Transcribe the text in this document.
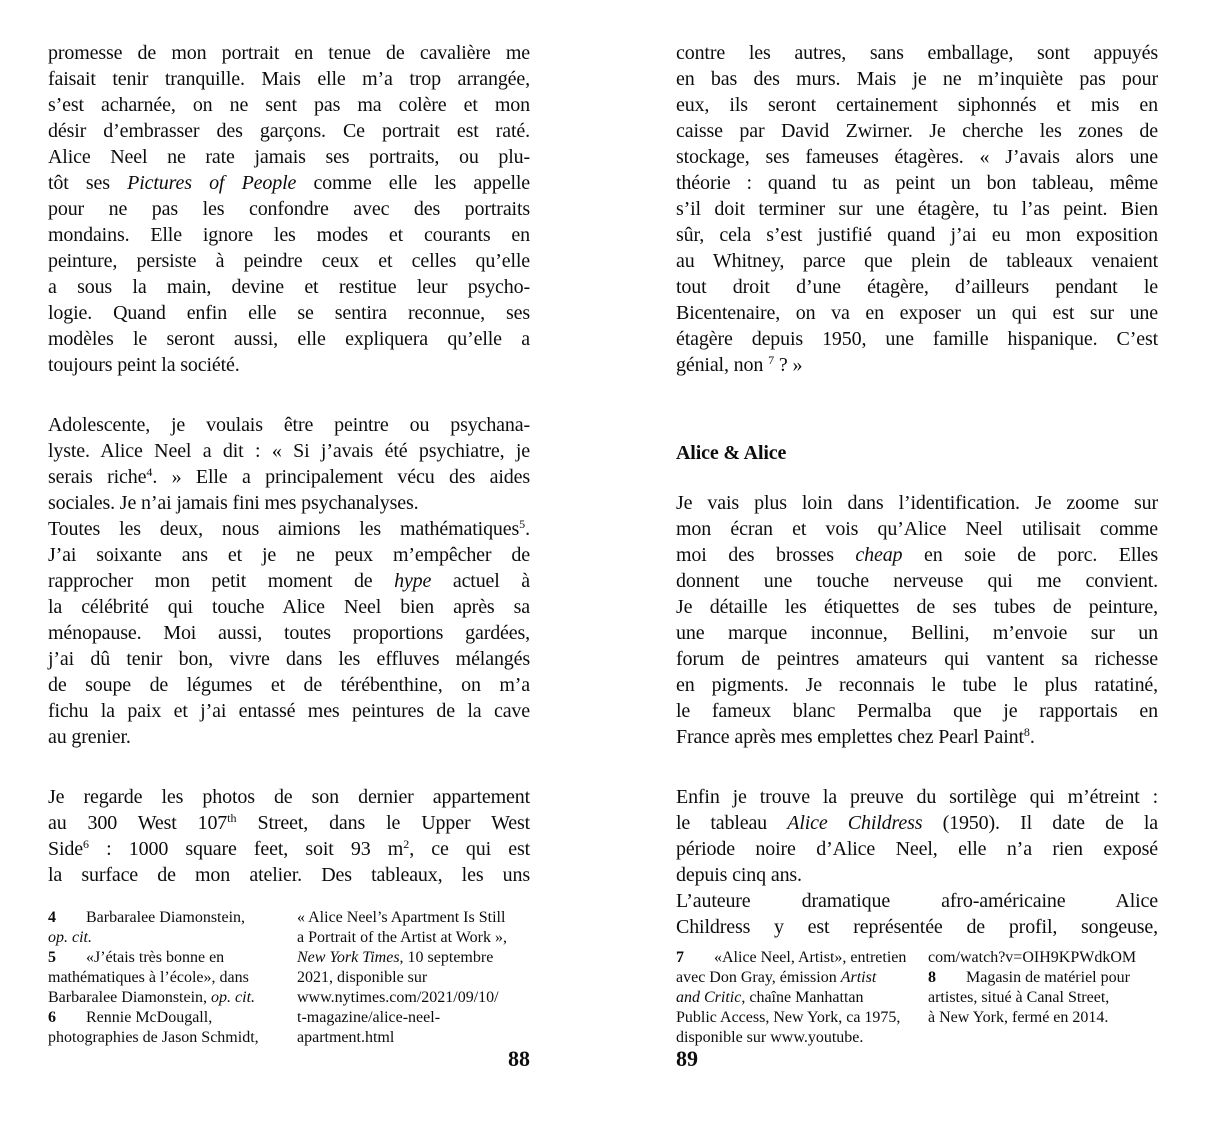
promesse de mon portrait en tenue de cavalière me
faisait tenir tranquille. Mais elle m’a trop arrangée,
s’est acharnée, on ne sent pas ma colère et mon
désir d’embrasser des garçons. Ce portrait est raté.
Alice Neel ne rate jamais ses portraits, ou plu-
tôt ses Pictures of People comme elle les appelle
pour ne pas les confondre avec des portraits
mondains. Elle ignore les modes et courants en
peinture, persiste à peindre ceux et celles qu’elle
a sous la main, devine et restitue leur psycho-
logie. Quand enfin elle se sentira reconnue, ses
modèles le seront aussi, elle expliquera qu’elle a
toujours peint la société.
Adolescente, je voulais être peintre ou psychana-
lyste. Alice Neel a dit : « Si j’avais été psychiatre, je
serais riche$^4$. » Elle a principalement vécu des aides
sociales. Je n’ai jamais fini mes psychanalyses.
Toutes les deux, nous aimions les mathématiques$^5$.
J’ai soixante ans et je ne peux m’empêcher de
rapprocher mon petit moment de hype actuel à
la célébrité qui touche Alice Neel bien après sa
ménopause. Moi aussi, toutes proportions gardées,
j’ai dû tenir bon, vivre dans les effluves mélangés
de soupe de légumes et de térébenthine, on m’a
fichu la paix et j’ai entassé mes peintures de la cave
au grenier.
Je regarde les photos de son dernier appartement
au 300 West 107th Street, dans le Upper West
Side$^6$ : 1000 square feet, soit 93 $m^2$, ce qui est
la surface de mon atelier. Des tableaux, les uns
4 Barbaralee Diamonstein,
op. cit.
5 «J’étais très bonne en
mathématiques à l’école», dans
Barbaralee Diamonstein, op. cit.
6 Rennie McDougall,
photographies de Jason Schmidt,
« Alice Neel’s Apartment Is Still
a Portrait of the Artist at Work »,
New York Times, 10 septembre
2021, disponible sur
www.nytimes.com/2021/09/10/
t-magazine/alice-neel-
apartment.html
88
contre les autres, sans emballage, sont appuyés
en bas des murs. Mais je ne m’inquiète pas pour
eux, ils seront certainement siphonnés et mis en
caisse par David Zwirner. Je cherche les zones de
stockage, ses fameuses étagères. « J’avais alors une
théorie : quand tu as peint un bon tableau, même
s’il doit terminer sur une étagère, tu l’as peint. Bien
sûr, cela s’est justifié quand j’ai eu mon exposition
au Whitney, parce que plein de tableaux venaient
tout droit d’une étagère, d’ailleurs pendant le
Bicentenaire, on va en exposer un qui est sur une
étagère depuis 1950, une famille hispanique. C’est
génial, non $^7$ ? »
Alice & Alice
Je vais plus loin dans l’identification. Je zoome sur
mon écran et vois qu’Alice Neel utilisait comme
moi des brosses cheap en soie de porc. Elles
donnent une touche nerveuse qui me convient.
Je détaille les étiquettes de ses tubes de peinture,
une marque inconnue, Bellini, m’envoie sur un
forum de peintres amateurs qui vantent sa richesse
en pigments. Je reconnais le tube le plus ratatiné,
le fameux blanc Permalba que je rapportais en
France après mes emplettes chez Pearl Paint$^8$.
Enfin je trouve la preuve du sortilège qui m’étreint :
le tableau Alice Childress (1950). Il date de la
période noire d’Alice Neel, elle n’a rien exposé
depuis cinq ans.
L’auteure dramatique afro-américaine Alice
Childress y est représentée de profil, songeuse,
7 «Alice Neel, Artist», entretien
avec Don Gray, émission Artist
and Critic, chaîne Manhattan
Public Access, New York, ca 1975,
disponible sur www.youtube.
com/watch?v=OIH9KPWdkOM
8 Magasin de matériel pour
artistes, situé à Canal Street,
à New York, fermé en 2014.
89
